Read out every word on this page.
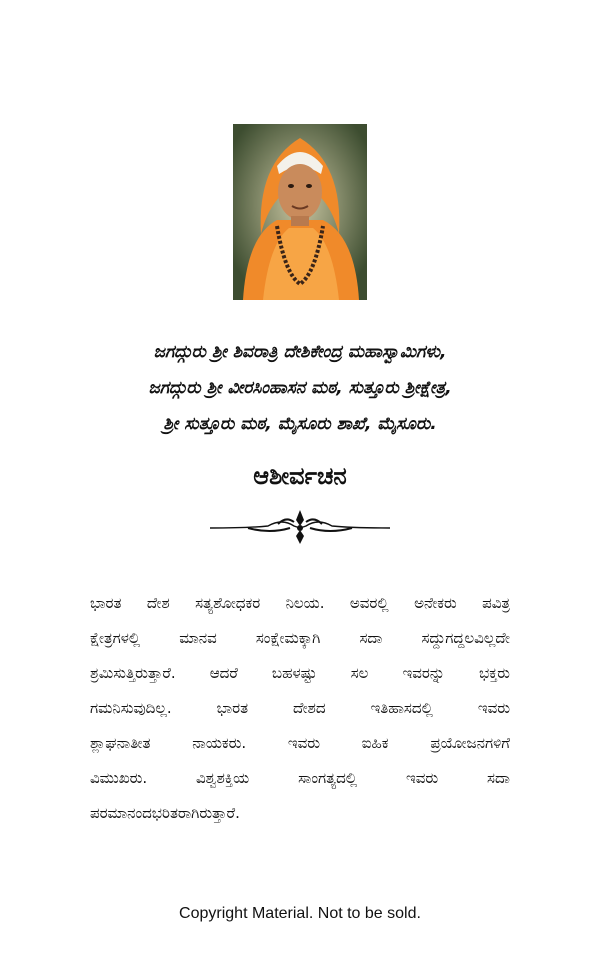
ಜಗದ್ಗುರು ಶ್ರೀ ಶಿವರಾತ್ರಿ ದೇಶಿಕೇಂದ್ರ ಮಹಾಸ್ವಾಮಿಗಳು,
ಜಗದ್ಗುರು ಶ್ರೀ ವೀರಸಿಂಹಾಸನ ಮಠ, ಸುತ್ತೂರು ಶ್ರೀಕ್ಷೇತ್ರ,
ಶ್ರೀ ಸುತ್ತೂರು ಮಠ, ಮೈಸೂರು ಶಾಖೆ, ಮೈಸೂರು.
ಆಶೀರ್ವಚನ
ಭಾರತ ದೇಶ ಸತ್ಯಶೋಧಕರ ನಿಲಯ. ಅವರಲ್ಲಿ ಅನೇಕರು ಪವಿತ್ರ
ಕ್ಷೇತ್ರಗಳಲ್ಲಿ	ಮಾನವ	ಸಂಕ್ಷೇಮಕ್ಕಾಗಿ	ಸದಾ	ಸದ್ದುಗದ್ದಲವಿಲ್ಲದೇ
ಶ್ರಮಿಸುತ್ತಿರುತ್ತಾರೆ. ಆದರೆ ಬಹಳಷ್ಟು ಸಲ ಇವರನ್ನು ಭಕ್ತರು
ಗಮನಿಸುವುದಿಲ್ಲ.	ಭಾರತ	ದೇಶದ	ಇತಿಹಾಸದಲ್ಲಿ	ಇವರು
ಶ್ಲಾಘನಾತೀತ	ನಾಯಕರು.	ಇವರು	ಐಹಿಕ	ಪ್ರಯೋಜನಗಳಿಗೆ
ವಿಮುಖರು.	ವಿಶ್ವಶಕ್ತಿಯ	ಸಾಂಗತ್ಯದಲ್ಲಿ	ಇವರು	ಸದಾ
ಪರಮಾನಂದಭರಿತರಾಗಿರುತ್ತಾರೆ.
Copyright Material. Not to be sold.
